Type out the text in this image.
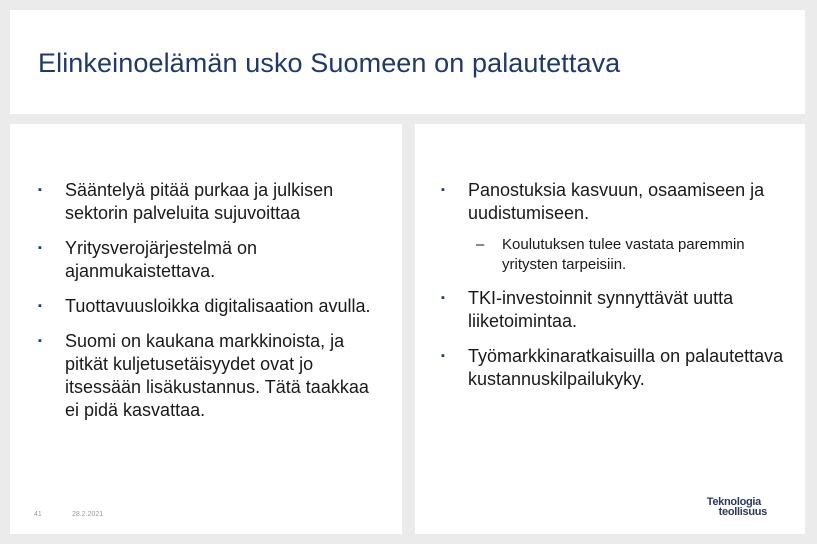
Elinkeinoelämän usko Suomeen on palautettava
▪ Sääntelyä pitää purkaa ja julkisen sektorin palveluita sujuvoittaa
▪ Yritysverojärjestelmä on ajanmukaistettava.
▪ Tuottavuusloikka digitalisaation avulla.
▪ Suomi on kaukana markkinoista, ja pitkät kuljetusetäisyydet ovat jo itsessään lisäkustannus. Tätä taakkaa ei pidä kasvattaa.
▪ Panostuksia kasvuun, osaamiseen ja uudistumiseen.
– Koulutuksen tulee vastata paremmin yritysten tarpeisiin.
▪ TKI-investoinnit synnyttävät uutta liiketoimintaa.
▪ Työmarkkinaratkaisuilla on palautettava kustannuskilpailukyky.
41	28.2.2021
Teknologia
teollisuus
